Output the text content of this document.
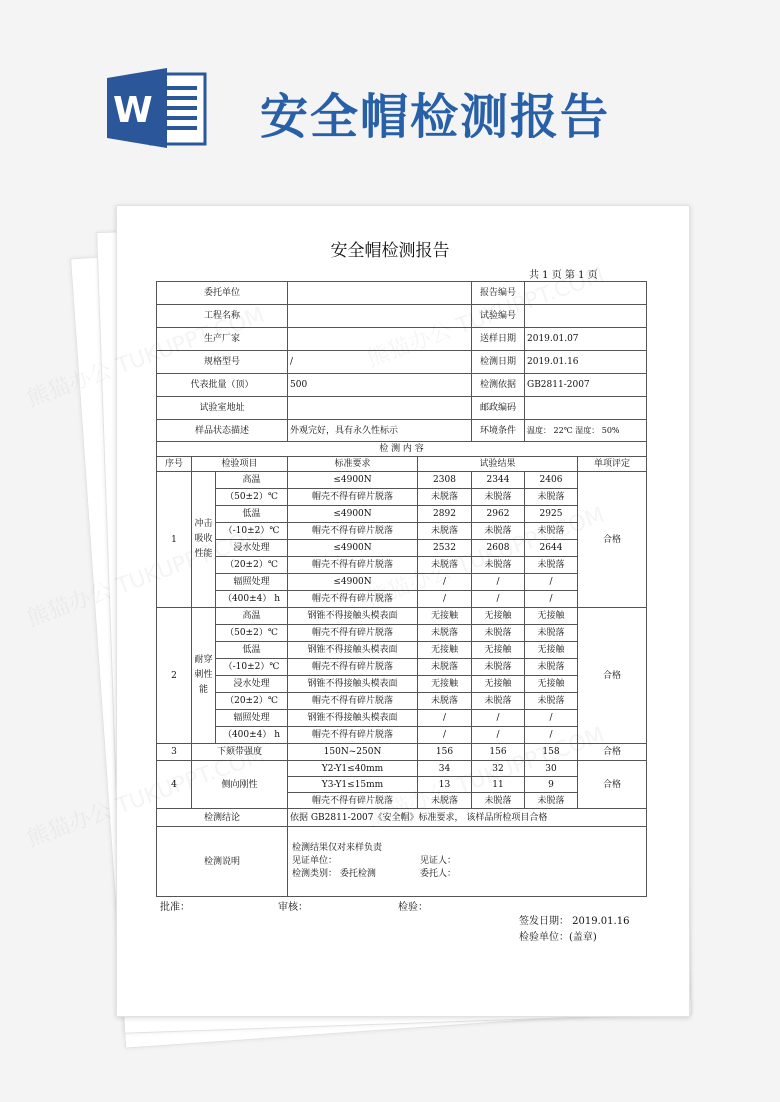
W 安全帽检测报告
安全帽检测报告
共 1 页 第 1 页
委托单位					报告编号		
工程名称					试验编号		
生产厂家					送样日期	2019.01.07	
规格型号			/		检测日期	2019.01.16	
代表批量（顶）			500		检测依据	GB2811-2007	
试验室地址					邮政编码		
样品状态描述			外观完好，具有永久性标示		环境条件	温度： 22℃ 湿度： 50%	
检 测 内 容							
序号	检验项目		标准要求	试验结果			单项评定
1	冲击吸收性能	高温	≤4900N	2308	2344	2406	合格
		（50±2）℃	帽壳不得有碎片脱落	未脱落	未脱落	未脱落	
		低温	≤4900N	2892	2962	2925	
		（-10±2）℃	帽壳不得有碎片脱落	未脱落	未脱落	未脱落	
		浸水处理	≤4900N	2532	2608	2644	
		（20±2）℃	帽壳不得有碎片脱落	未脱落	未脱落	未脱落	
		辐照处理	≤4900N	/	/	/	
		（400±4） h	帽壳不得有碎片脱落	/	/	/	
2	耐穿刺性能	高温	钢锥不得接触头模表面	无接触	无接触	无接触	合格
		（50±2）℃	帽壳不得有碎片脱落	未脱落	未脱落	未脱落	
		低温	钢锥不得接触头模表面	无接触	无接触	无接触	
		（-10±2）℃	帽壳不得有碎片脱落	未脱落	未脱落	未脱落	
		浸水处理	钢锥不得接触头模表面	无接触	无接触	无接触	
		（20±2）℃	帽壳不得有碎片脱落	未脱落	未脱落	未脱落	
		辐照处理	钢锥不得接触头模表面	/	/	/	
		（400±4） h	帽壳不得有碎片脱落	/	/	/	
3	下颏带强度		150N~250N	156	156	158	合格
4	侧向刚性		Y2-Y1≤40mm	34	32	30	合格
			Y3-Y1≤15mm	13	11	9	
			帽壳不得有碎片脱落	未脱落	未脱落	未脱落	
检测结论			依据 GB2811-2007《安全帽》标准要求， 该样品所检项目合格				
检测说明			检测结果仅对来样负责
见证单位： 见证人：
检测类别： 委托检测 委托人：				
批准：	审核：	检验：
签发日期： 2019.01.16
检验单位：(盖章)
